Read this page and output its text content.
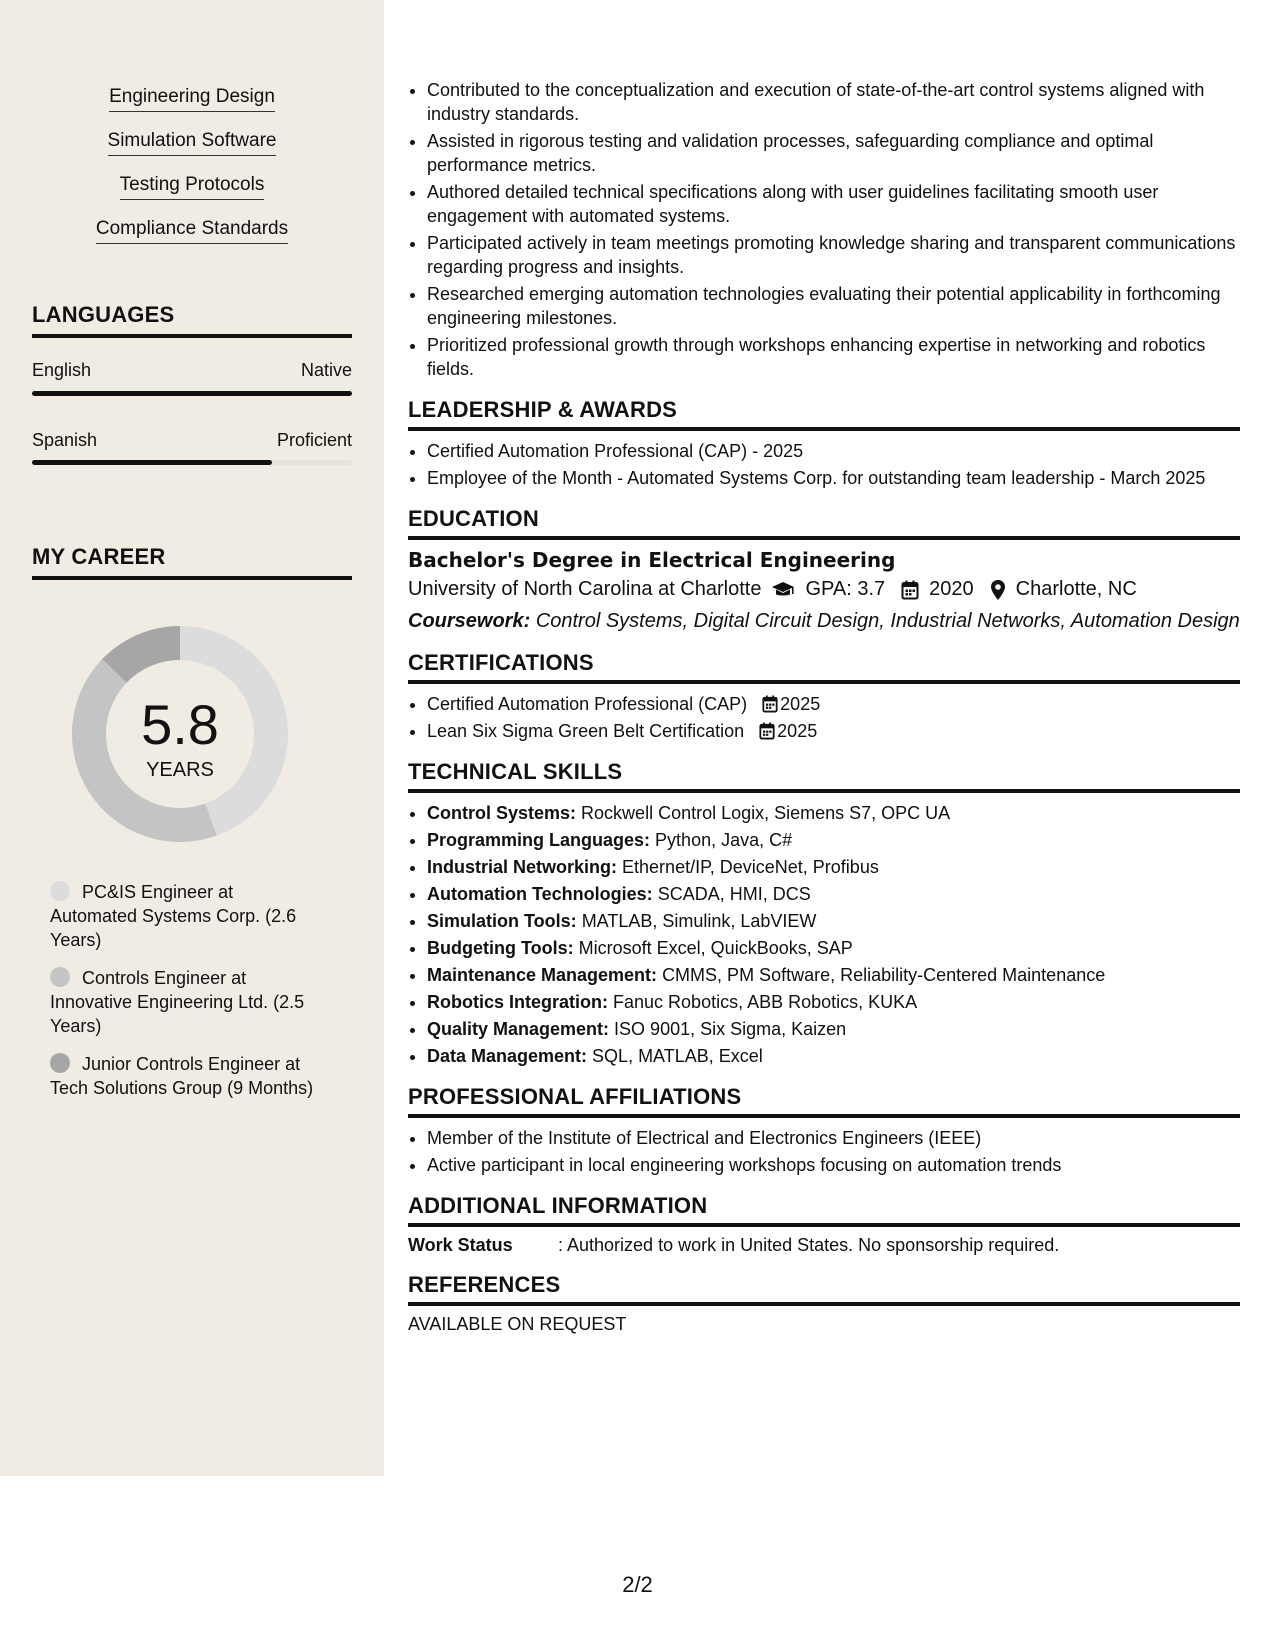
Engineering Design
Simulation Software
Testing Protocols
Compliance Standards
LANGUAGES
English	Native
Spanish	Proficient
MY CAREER
5.8
YEARS
PC&IS Engineer at Automated Systems Corp. (2.6 Years)
Controls Engineer at Innovative Engineering Ltd. (2.5 Years)
Junior Controls Engineer at Tech Solutions Group (9 Months)
• Contributed to the conceptualization and execution of state-of-the-art control systems aligned with industry standards.
• Assisted in rigorous testing and validation processes, safeguarding compliance and optimal performance metrics.
• Authored detailed technical specifications along with user guidelines facilitating smooth user engagement with automated systems.
• Participated actively in team meetings promoting knowledge sharing and transparent communications regarding progress and insights.
• Researched emerging automation technologies evaluating their potential applicability in forthcoming engineering milestones.
• Prioritized professional growth through workshops enhancing expertise in networking and robotics fields.
LEADERSHIP & AWARDS
• Certified Automation Professional (CAP) - 2025
• Employee of the Month - Automated Systems Corp. for outstanding team leadership - March 2025
EDUCATION
Bachelor's Degree in Electrical Engineering
University of North Carolina at Charlotte GPA: 3.7 2020 Charlotte, NC
Coursework: Control Systems, Digital Circuit Design, Industrial Networks, Automation Design
CERTIFICATIONS
• Certified Automation Professional (CAP) 2025
• Lean Six Sigma Green Belt Certification 2025
TECHNICAL SKILLS
• Control Systems: Rockwell Control Logix, Siemens S7, OPC UA
• Programming Languages: Python, Java, C#
• Industrial Networking: Ethernet/IP, DeviceNet, Profibus
• Automation Technologies: SCADA, HMI, DCS
• Simulation Tools: MATLAB, Simulink, LabVIEW
• Budgeting Tools: Microsoft Excel, QuickBooks, SAP
• Maintenance Management: CMMS, PM Software, Reliability-Centered Maintenance
• Robotics Integration: Fanuc Robotics, ABB Robotics, KUKA
• Quality Management: ISO 9001, Six Sigma, Kaizen
• Data Management: SQL, MATLAB, Excel
PROFESSIONAL AFFILIATIONS
• Member of the Institute of Electrical and Electronics Engineers (IEEE)
• Active participant in local engineering workshops focusing on automation trends
ADDITIONAL INFORMATION
Work Status	: Authorized to work in United States. No sponsorship required.
REFERENCES
AVAILABLE ON REQUEST
2/2
